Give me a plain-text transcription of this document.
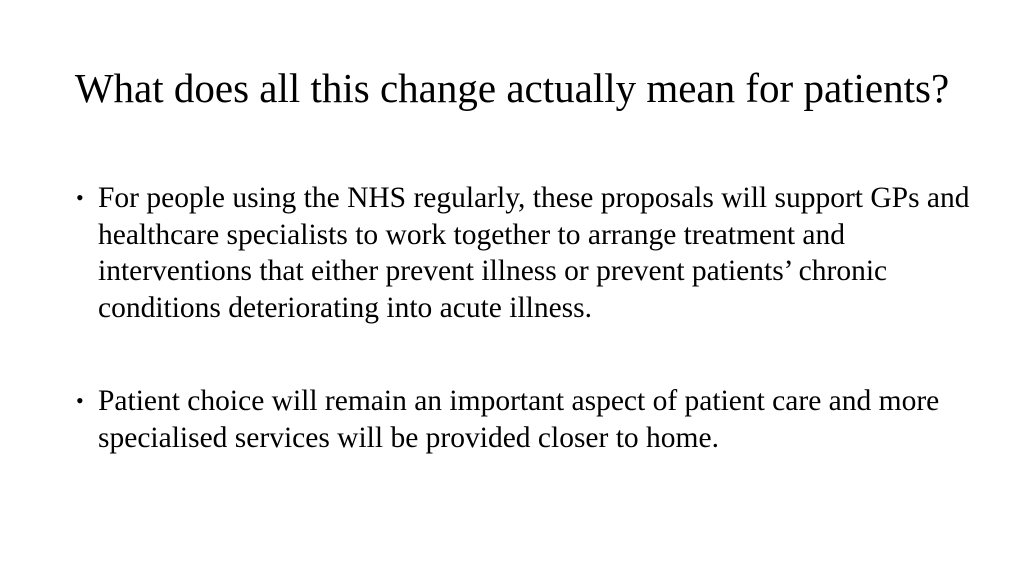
What does all this change actually mean for patients?
• For people using the NHS regularly, these proposals will support GPs and healthcare specialists to work together to arrange treatment and interventions that either prevent illness or prevent patients’ chronic conditions deteriorating into acute illness.
• Patient choice will remain an important aspect of patient care and more specialised services will be provided closer to home.
